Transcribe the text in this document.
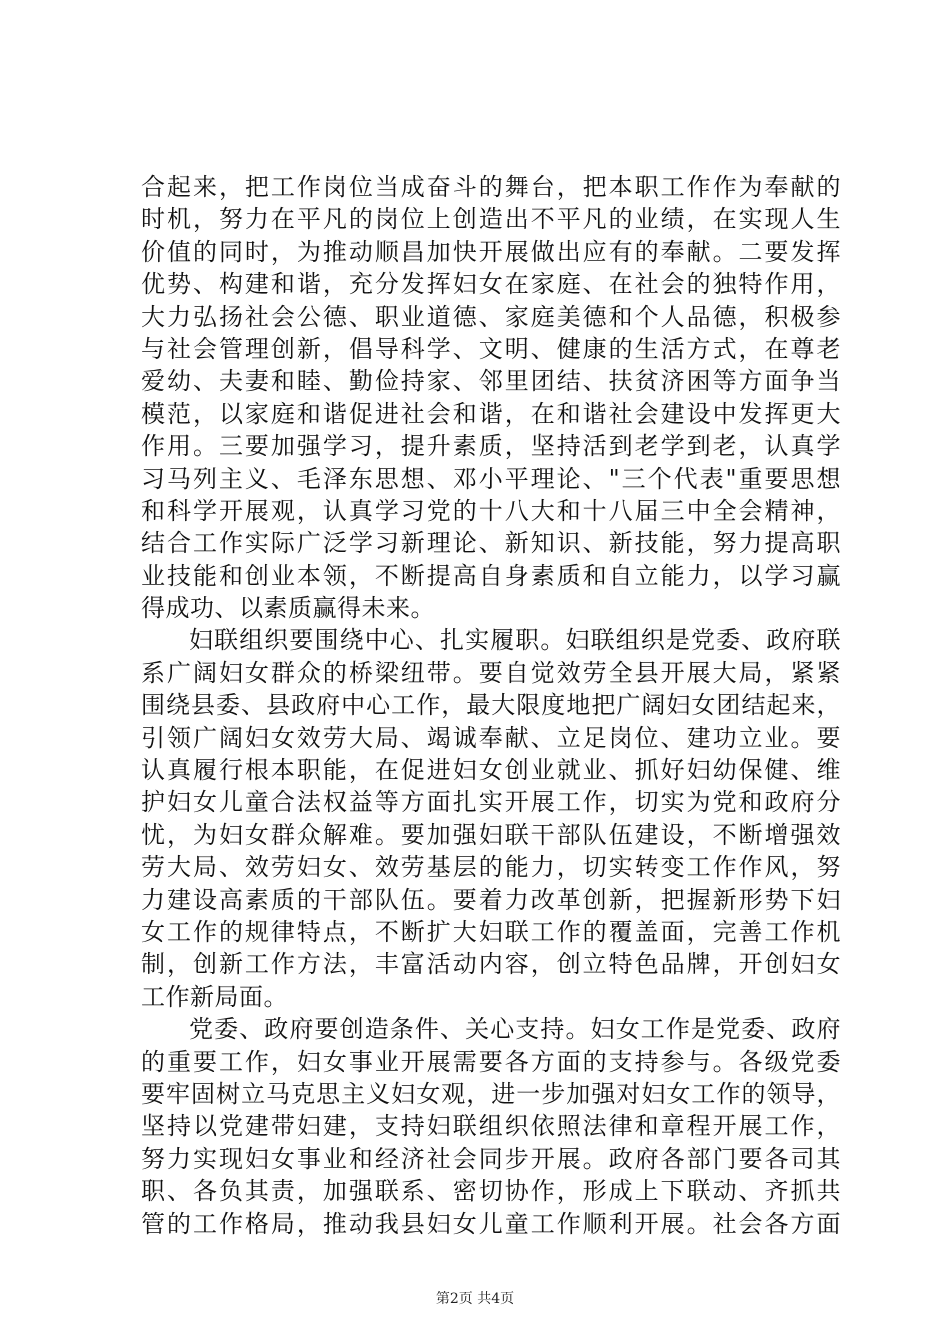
合起来，把工作岗位当成奋斗的舞台，把本职工作作为奉献的
时机，努力在平凡的岗位上创造出不平凡的业绩，在实现人生
价值的同时，为推动顺昌加快开展做出应有的奉献。二要发挥
优势、构建和谐，充分发挥妇女在家庭、在社会的独特作用，
大力弘扬社会公德、职业道德、家庭美德和个人品德，积极参
与社会管理创新，倡导科学、文明、健康的生活方式，在尊老
爱幼、夫妻和睦、勤俭持家、邻里团结、扶贫济困等方面争当
模范，以家庭和谐促进社会和谐，在和谐社会建设中发挥更大
作用。三要加强学习，提升素质，坚持活到老学到老，认真学
习马列主义、毛泽东思想、邓小平理论、"三个代表"重要思想
和科学开展观，认真学习党的十八大和十八届三中全会精神，
结合工作实际广泛学习新理论、新知识、新技能，努力提高职
业技能和创业本领，不断提高自身素质和自立能力，以学习赢
得成功、以素质赢得未来。
妇联组织要围绕中心、扎实履职。妇联组织是党委、政府联
系广阔妇女群众的桥梁纽带。要自觉效劳全县开展大局，紧紧
围绕县委、县政府中心工作，最大限度地把广阔妇女团结起来，
引领广阔妇女效劳大局、竭诚奉献、立足岗位、建功立业。要
认真履行根本职能，在促进妇女创业就业、抓好妇幼保健、维
护妇女儿童合法权益等方面扎实开展工作，切实为党和政府分
忧，为妇女群众解难。要加强妇联干部队伍建设，不断增强效
劳大局、效劳妇女、效劳基层的能力，切实转变工作作风，努
力建设高素质的干部队伍。要着力改革创新，把握新形势下妇
女工作的规律特点，不断扩大妇联工作的覆盖面，完善工作机
制，创新工作方法，丰富活动内容，创立特色品牌，开创妇女
工作新局面。
党委、政府要创造条件、关心支持。妇女工作是党委、政府
的重要工作，妇女事业开展需要各方面的支持参与。各级党委
要牢固树立马克思主义妇女观，进一步加强对妇女工作的领导，
坚持以党建带妇建，支持妇联组织依照法律和章程开展工作，
努力实现妇女事业和经济社会同步开展。政府各部门要各司其
职、各负其责，加强联系、密切协作，形成上下联动、齐抓共
管的工作格局，推动我县妇女儿童工作顺利开展。社会各方面
第2页 共4页
